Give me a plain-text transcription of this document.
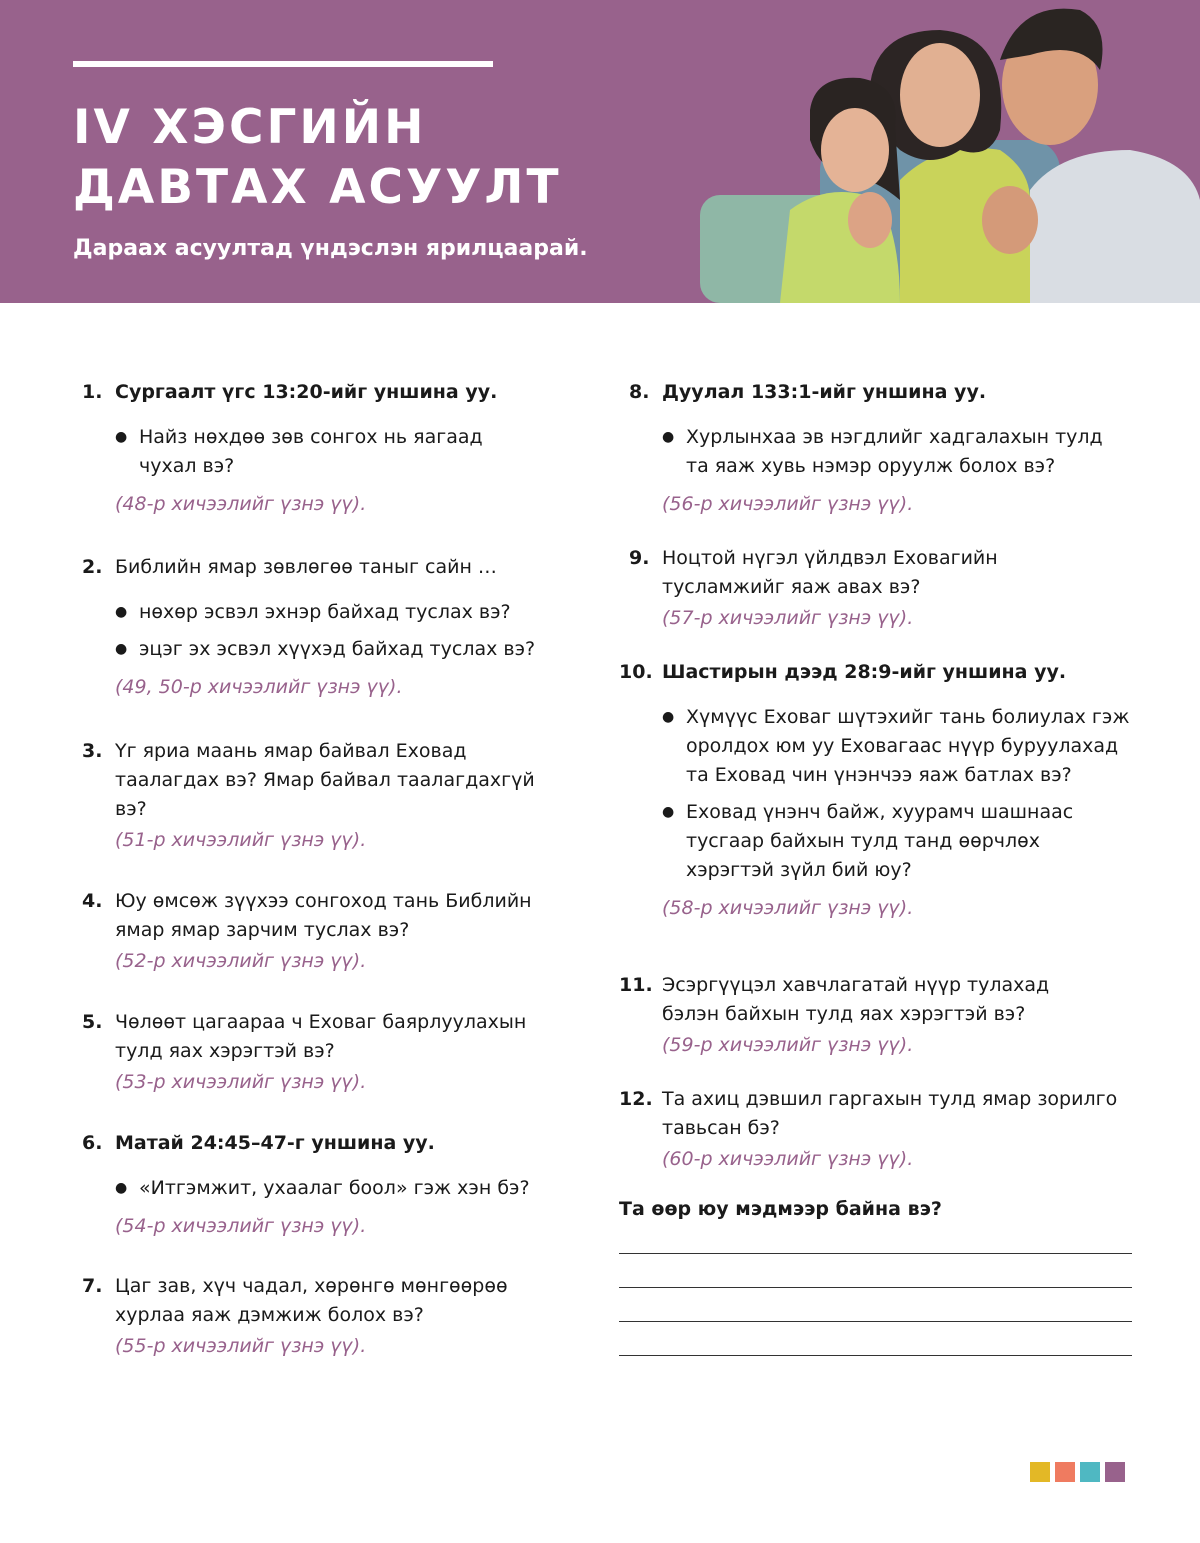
IV ХЭСГИЙН
ДАВТАХ АСУУЛТ
Дараах асуултад үндэслэн ярилцаарай.
1. Сургаалт үгс 13:20-ийг уншина уу.
● Найз нөхдөө зөв сонгох нь яагаад чухал вэ?
(48-р хичээлийг үзнэ үү).
2. Библийн ямар зөвлөгөө таныг сайн …
● нөхөр эсвэл эхнэр байхад туслах вэ?
● эцэг эх эсвэл хүүхэд байхад туслах вэ?
(49, 50-р хичээлийг үзнэ үү).
3. Үг яриа маань ямар байвал Еховад таалагдах вэ? Ямар байвал таалагдахгүй вэ?
(51-р хичээлийг үзнэ үү).
4. Юу өмсөж зүүхээ сонгоход тань Библийн ямар ямар зарчим туслах вэ?
(52-р хичээлийг үзнэ үү).
5. Чөлөөт цагаараа ч Еховаг баярлуулахын тулд яах хэрэгтэй вэ?
(53-р хичээлийг үзнэ үү).
6. Матай 24:45–47-г уншина уу.
● «Итгэмжит, ухаалаг боол» гэж хэн бэ?
(54-р хичээлийг үзнэ үү).
7. Цаг зав, хүч чадал, хөрөнгө мөнгөөрөө хурлаа яаж дэмжиж болох вэ?
(55-р хичээлийг үзнэ үү).
8. Дуулал 133:1-ийг уншина уу.
● Хурлынхаа эв нэгдлийг хадгалахын тулд та яаж хувь нэмэр оруулж болох вэ?
(56-р хичээлийг үзнэ үү).
9. Ноцтой нүгэл үйлдвэл Еховагийн тусламжийг яаж авах вэ?
(57-р хичээлийг үзнэ үү).
10. Шастирын дээд 28:9-ийг уншина уу.
● Хүмүүс Еховаг шүтэхийг тань болиулах гэж оролдох юм уу Еховагаас нүүр буруулахад та Еховад чин үнэнчээ яаж батлах вэ?
● Еховад үнэнч байж, хуурамч шашнаас тусгаар байхын тулд танд өөрчлөх хэрэгтэй зүйл бий юу?
(58-р хичээлийг үзнэ үү).
11. Эсэргүүцэл хавчлагатай нүүр тулахад бэлэн байхын тулд яах хэрэгтэй вэ?
(59-р хичээлийг үзнэ үү).
12. Та ахиц дэвшил гаргахын тулд ямар зорилго тавьсан бэ?
(60-р хичээлийг үзнэ үү).
Та өөр юу мэдмээр байна вэ?
